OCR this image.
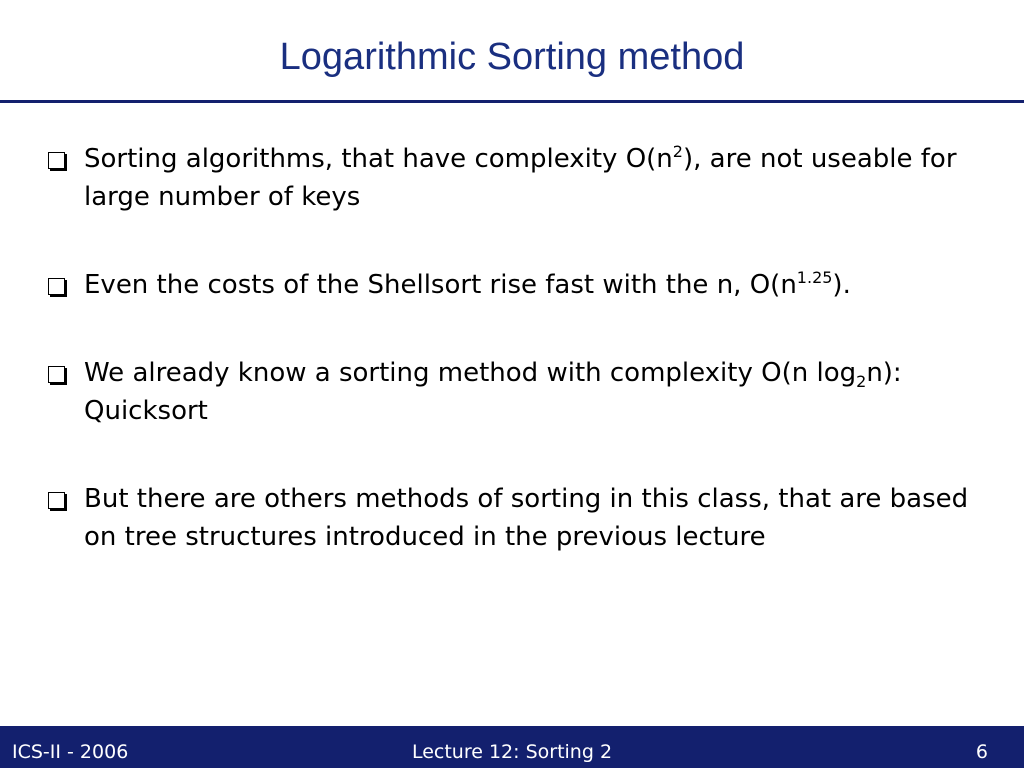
Logarithmic Sorting method
Sorting algorithms, that have complexity $O(n^2)$, are not useable for large number of keys
Even the costs of the Shellsort rise fast with the n, $O(n^{1.25})$.
We already know a sorting method with complexity O(n $\log_2n$): Quicksort
But there are others methods of sorting in this class, that are based on tree structures introduced in the previous lecture
Lecture 12: Sorting 2
ICS-II - 2006	6
